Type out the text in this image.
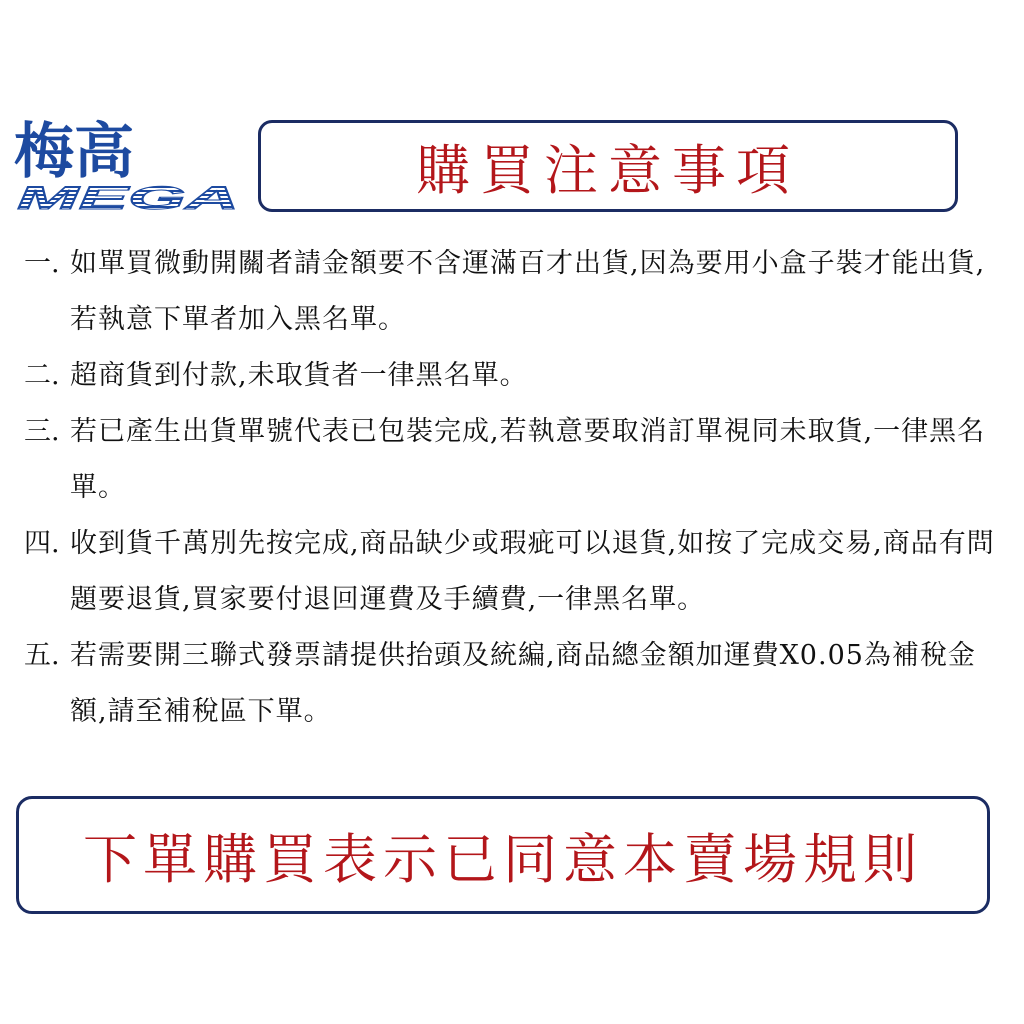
梅高
MEGA	購買注意事項
一. 如單買微動開關者請金額要不含運滿百才出貨,因為要用小盒子裝才能出貨,若執意下單者加入黑名單。
二. 超商貨到付款,未取貨者一律黑名單。
三. 若已產生出貨單號代表已包裝完成,若執意要取消訂單視同未取貨,一律黑名單。
四. 收到貨千萬別先按完成,商品缺少或瑕疵可以退貨,如按了完成交易,商品有問題要退貨,買家要付退回運費及手續費,一律黑名單。
五. 若需要開三聯式發票請提供抬頭及統編,商品總金額加運費X0.05為補稅金額,請至補稅區下單。
下單購買表示已同意本賣場規則
